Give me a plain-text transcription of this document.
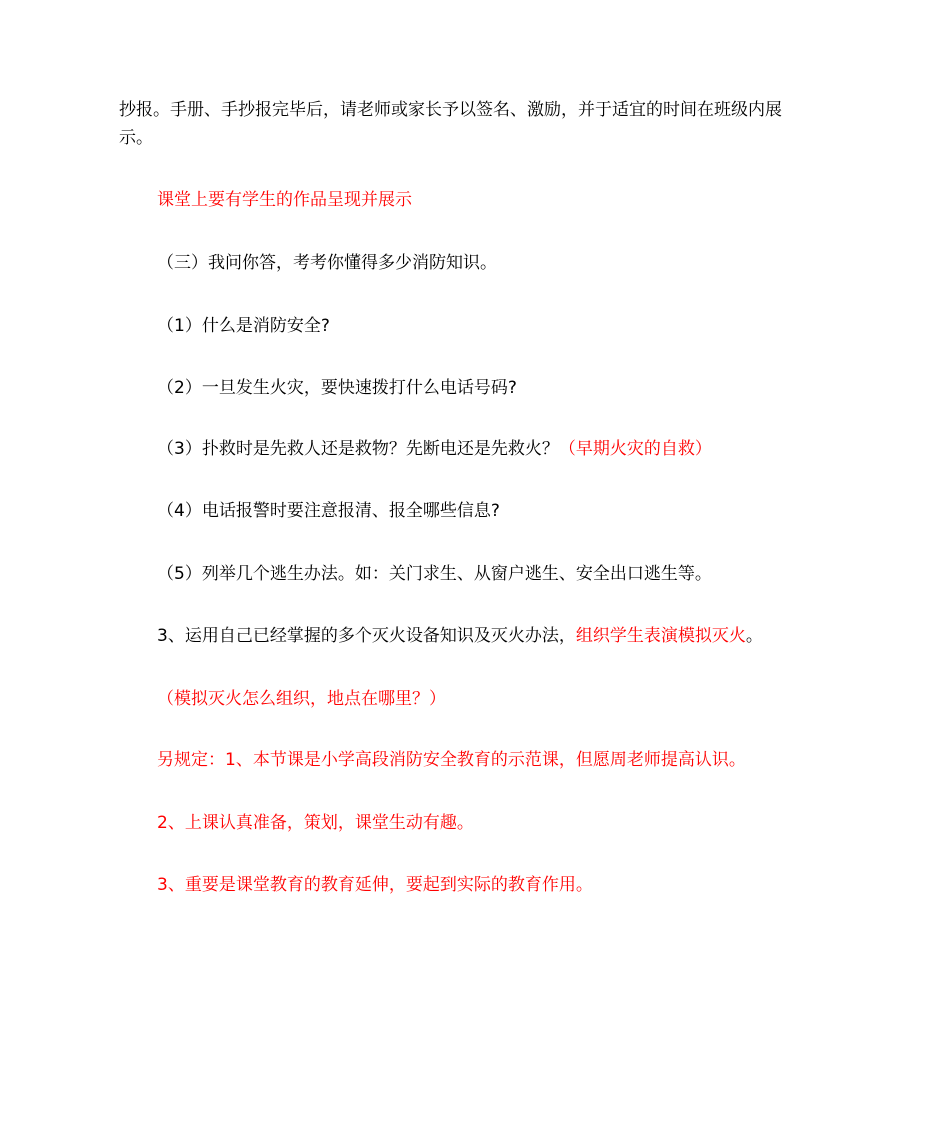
抄报。手册、手抄报完毕后，请老师或家长予以签名、激励，并于适宜的时间在班级内展
示。
课堂上要有学生的作品呈现并展示
（三）我问你答，考考你懂得多少消防知识。
（1）什么是消防安全?
（2）一旦发生火灾，要快速拨打什么电话号码?
（3）扑救时是先救人还是救物？先断电还是先救火？（早期火灾的自救）
（4）电话报警时要注意报清、报全哪些信息?
（5）列举几个逃生办法。如：关门求生、从窗户逃生、安全出口逃生等。
3、运用自己已经掌握的多个灭火设备知识及灭火办法，组织学生表演模拟灭火。
（模拟灭火怎么组织，地点在哪里？）
另规定：1、本节课是小学高段消防安全教育的示范课，但愿周老师提高认识。
2、上课认真准备，策划，课堂生动有趣。
3、重要是课堂教育的教育延伸，要起到实际的教育作用。
